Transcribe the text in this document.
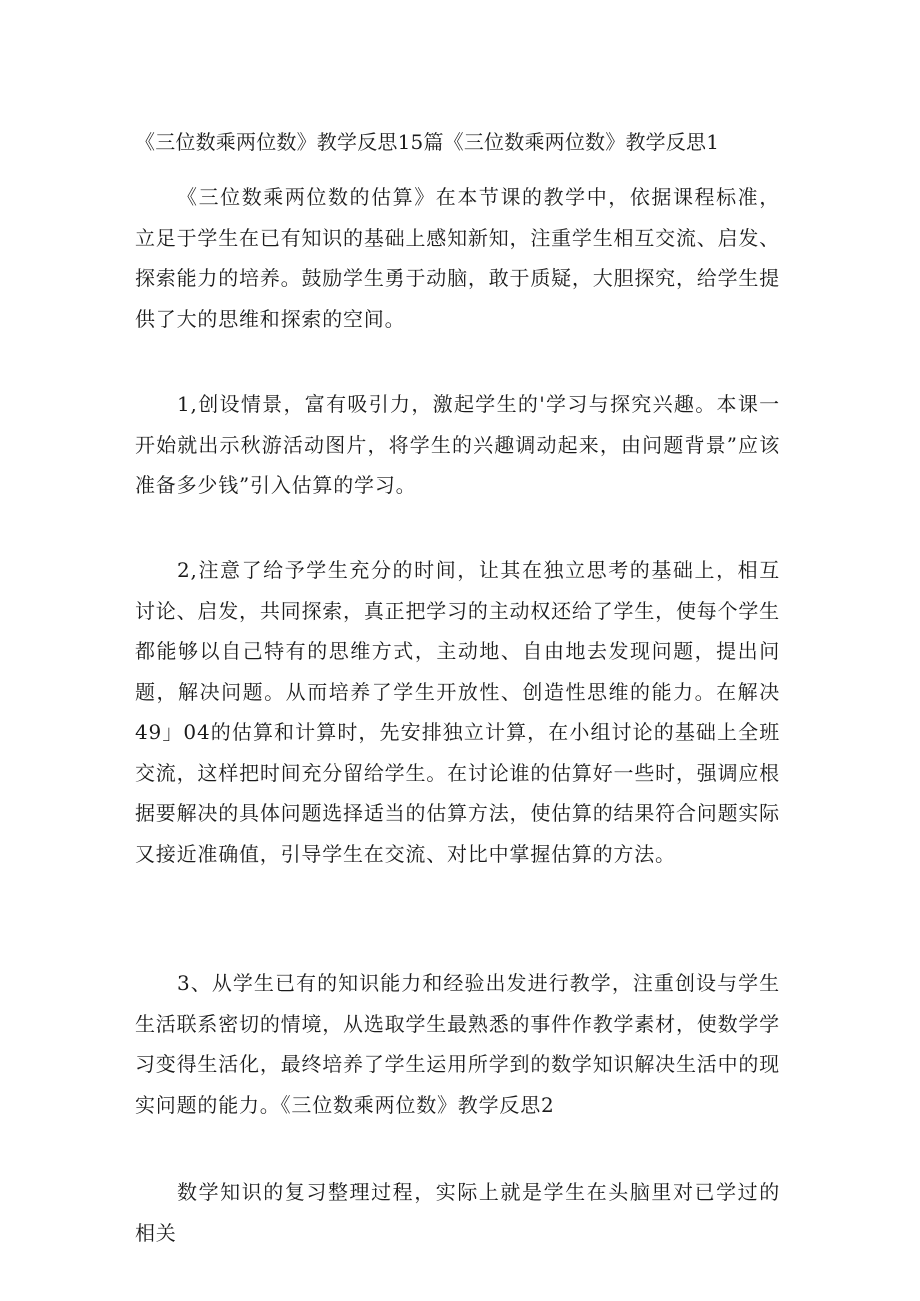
《三位数乘两位数》教学反思15篇《三位数乘两位数》教学反思1

《三位数乘两位数的估算》在本节课的教学中，依据课程标准，立足于学生在已有知识的基础上感知新知，注重学生相互交流、启发、探索能力的培养。鼓励学生勇于动脑，敢于质疑，大胆探究，给学生提供了大的思维和探索的空间。

1,创设情景，富有吸引力，激起学生的'学习与探究兴趣。本课一开始就出示秋游活动图片，将学生的兴趣调动起来，由问题背景”应该准备多少钱”引入估算的学习。

2,注意了给予学生充分的时间，让其在独立思考的基础上，相互讨论、启发，共同探索，真正把学习的主动权还给了学生，使每个学生都能够以自己特有的思维方式，主动地、自由地去发现问题，提出问题，解决问题。从而培养了学生开放性、创造性思维的能力。在解决49」04的估算和计算时，先安排独立计算，在小组讨论的基础上全班交流，这样把时间充分留给学生。在讨论谁的估算好一些时，强调应根据要解决的具体问题选择适当的估算方法，使估算的结果符合问题实际又接近准确值，引导学生在交流、对比中掌握估算的方法。

3、从学生已有的知识能力和经验出发进行教学，注重创设与学生生活联系密切的情境，从选取学生最熟悉的事件作教学素材，使数学学习变得生活化，最终培养了学生运用所学到的数学知识解决生活中的现实问题的能力。《三位数乘两位数》教学反思2

数学知识的复习整理过程，实际上就是学生在头脑里对已学过的相关
